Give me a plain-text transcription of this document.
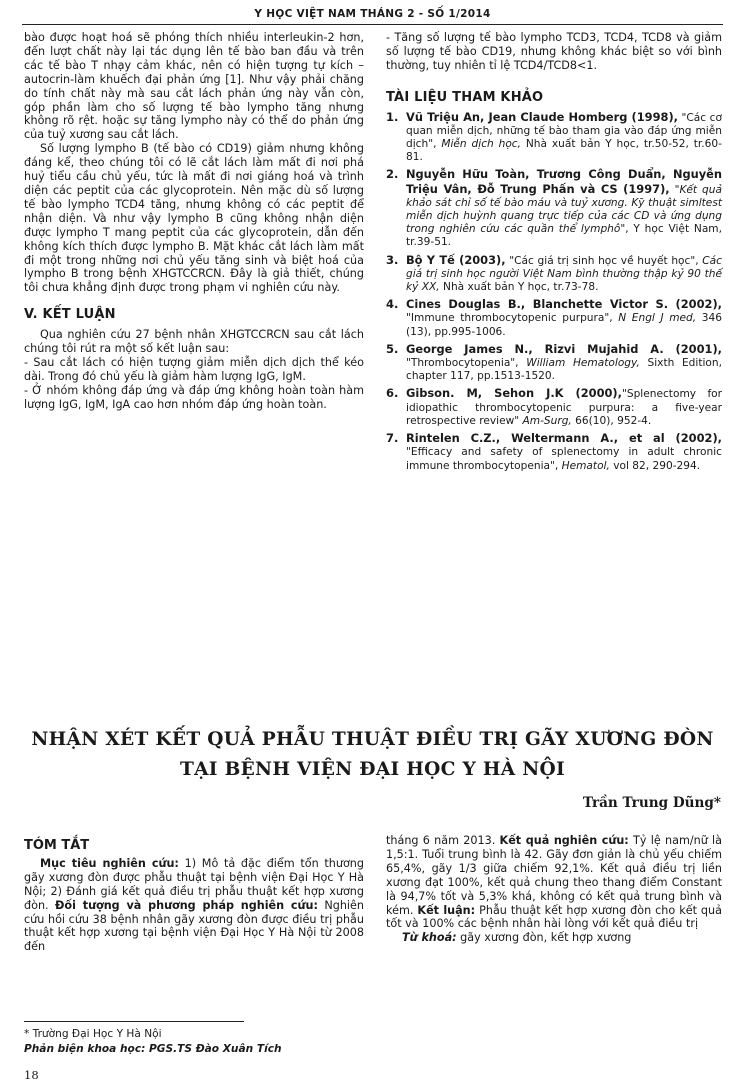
Y HỌC VIỆT NAM THÁNG 2 - SỐ 1/2014

bào được hoạt hoá sẽ phóng thích nhiều interleukin-2 hơn, đến lượt chất này lại tác dụng lên tế bào ban đầu và trên các tế bào T nhạy cảm khác, nên có hiện tượng tự kích – autocrin-làm khuếch đại phản ứng [1]. Như vậy phải chăng do tính chất này mà sau cắt lách phản ứng này vẫn còn, góp phần làm cho số lượng tế bào lympho tăng nhưng không rõ rệt. hoặc sự tăng lympho này có thể do phản ứng của tuỷ xương sau cắt lách.

Số lượng lympho B (tế bào có CD19) giảm nhưng không đáng kể, theo chúng tôi có lẽ cắt lách làm mất đi nơi phá huỷ tiểu cầu chủ yếu, tức là mất đi nơi giáng hoá và trình diện các peptit của các glycoprotein. Nên mặc dù số lượng tế bào lympho TCD4 tăng, nhưng không có các peptit để nhận diện. Và như vậy lympho B cũng không nhận diện được lympho T mang peptit của các glycoprotein, dẫn đến không kích thích được lympho B. Mặt khác cắt lách làm mất đi một trong những nơi chủ yếu tăng sinh và biệt hoá của lympho B trong bệnh XHGTCCRCN. Đây là giả thiết, chúng tôi chưa khẳng định được trong phạm vi nghiên cứu này.

V. KẾT LUẬN

Qua nghiên cứu 27 bệnh nhân XHGTCCRCN sau cắt lách chúng tôi rút ra một số kết luận sau:

- Sau cắt lách có hiện tượng giảm miễn dịch dịch thể kéo dài. Trong đó chủ yếu là giảm hàm lượng IgG, IgM.

- Ở nhóm không đáp ứng và đáp ứng không hoàn toàn hàm lượng IgG, IgM, IgA cao hơn nhóm đáp ứng hoàn toàn.

- Tăng số lượng tế bào lympho TCD3, TCD4, TCD8 và giảm số lượng tế bào CD19, nhưng không khác biệt so với bình thường, tuy nhiên tỉ lệ TCD4/TCD8<1.

TÀI LIỆU THAM KHẢO
1. Vũ Triệu An, Jean Claude Homberg (1998), "Các cơ quan miễn dịch, những tế bào tham gia vào đáp ứng miễn dịch", Miễn dịch học, Nhà xuất bản Y học, tr.50-52, tr.60-81.
2. Nguyễn Hữu Toàn, Trương Công Duẩn, Nguyễn Triệu Vân, Đỗ Trung Phấn và CS (1997), "Kết quả khảo sát chỉ số tế bào máu và tuỷ xương. Kỹ thuật simltest miễn dịch huỳnh quang trực tiếp của các CD và ứng dụng trong nghiên cứu các quần thể lymphô", Y học Việt Nam, tr.39-51.
3. Bộ Y Tế (2003), "Các giá trị sinh học về huyết học", Các giá trị sinh học người Việt Nam bình thường thập kỷ 90 thế kỷ XX, Nhà xuất bản Y học, tr.73-78.
4. Cines Douglas B., Blanchette Victor S. (2002), "Immune thrombocytopenic purpura", N Engl J med, 346 (13), pp.995-1006.
5. George James N., Rizvi Mujahid A. (2001), "Thrombocytopenia", William Hematology, Sixth Edition, chapter 117, pp.1513-1520.
6. Gibson. M, Sehon J.K (2000),"Splenectomy for idiopathic thrombocytopenic purpura: a five-year retrospective review" Am-Surg, 66(10), 952-4.
7. Rintelen C.Z., Weltermann A., et al (2002), "Efficacy and safety of splenectomy in adult chronic immune thrombocytopenia", Hematol, vol 82, 290-294.
NHẬN XÉT KẾT QUẢ PHẪU THUẬT ĐIỀU TRỊ GÃY XƯƠNG ĐÒN
TẠI BỆNH VIỆN ĐẠI HỌC Y HÀ NỘI
Trần Trung Dũng*
TÓM TẮT

Mục tiêu nghiên cứu: 1) Mô tả đặc điểm tổn thương gãy xương đòn được phẫu thuật tại bệnh viện Đại Học Y Hà Nội; 2) Đánh giá kết quả điều trị phẫu thuật kết hợp xương đòn. Đối tượng và phương pháp nghiên cứu: Nghiên cứu hồi cứu 38 bệnh nhân gãy xương đòn được điều trị phẫu thuật kết hợp xương tại bệnh viện Đại Học Y Hà Nội từ 2008 đến

tháng 6 năm 2013. Kết quả nghiên cứu: Tỷ lệ nam/nữ là 1,5:1. Tuổi trung bình là 42. Gãy đơn giản là chủ yếu chiếm 65,4%, gãy 1/3 giữa chiếm 92,1%. Kết quả điều trị liền xương đạt 100%, kết quả chung theo thang điểm Constant là 94,7% tốt và 5,3% khá, không có kết quả trung bình và kém. Kết luận: Phẫu thuật kết hợp xương đòn cho kết quả tốt và 100% các bệnh nhân hài lòng với kết quả điều trị

Từ khoá: gãy xương đòn, kết hợp xương

* Trường Đại Học Y Hà Nội
Phản biện khoa học: PGS.TS Đào Xuân Tích
18
